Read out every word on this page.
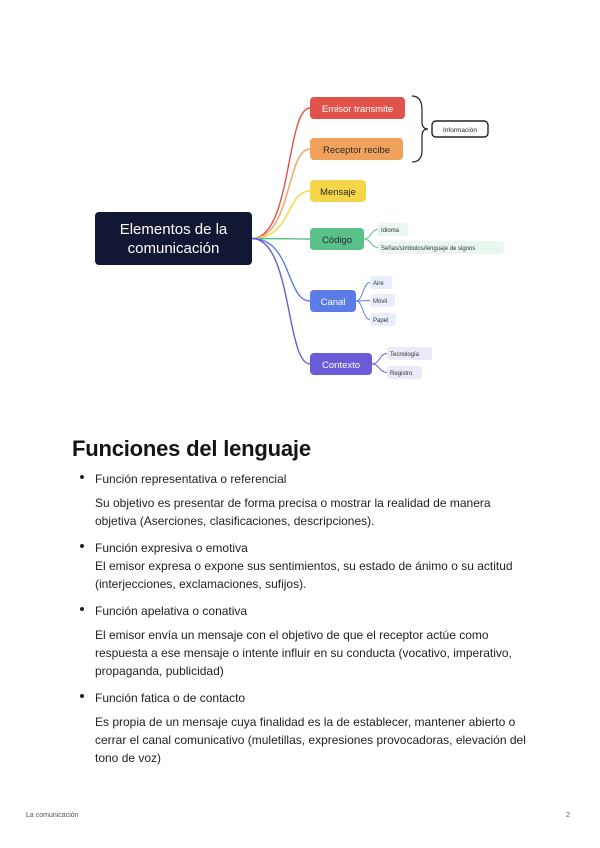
Elementos de la
comunicación
Emisor transmite
Receptor recibe
Mensaje
Código
Idioma
Señas/símbolos/lenguaje de signos
Canal
Aire
Móvil
Papel
Contexto
Tecnología
Registro
Información
Funciones del lenguaje
Función representativa o referencial

Su objetivo es presentar de forma precisa o mostrar la realidad de manera objetiva (Aserciones, clasificaciones, descripciones).

Función expresiva o emotiva

El emisor expresa o expone sus sentimientos, su estado de ánimo o su actitud (interjecciones, exclamaciones, sufijos).

Función apelativa o conativa

El emisor envía un mensaje con el objetivo de que el receptor actúe como respuesta a ese mensaje o intente influir en su conducta (vocativo, imperativo, propaganda, publicidad)

Función fatica o de contacto

Es propia de un mensaje cuya finalidad es la de establecer, mantener abierto o cerrar el canal comunicativo (muletillas, expresiones provocadoras, elevación del tono de voz)

La comunicación	2
